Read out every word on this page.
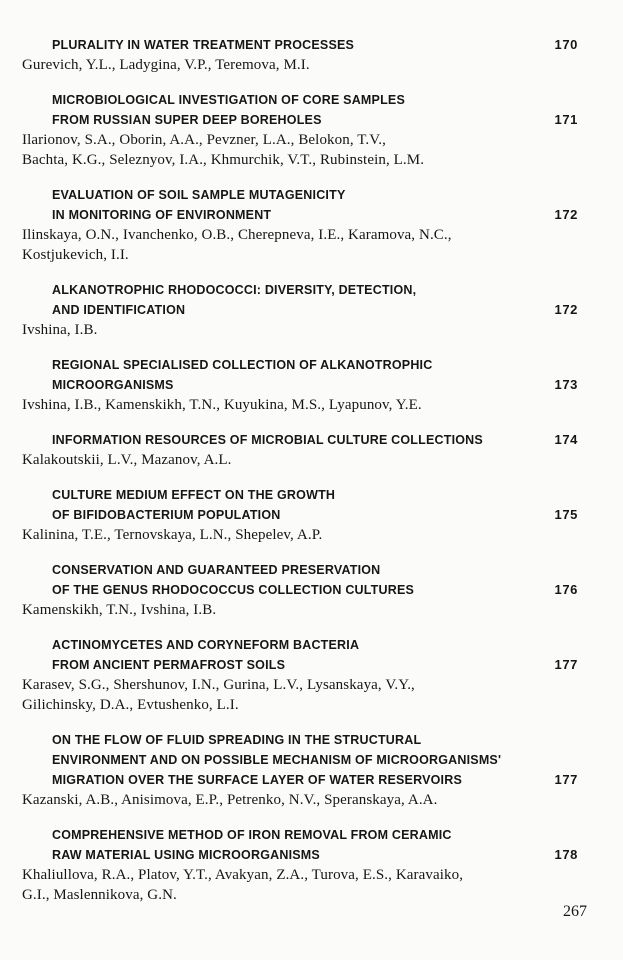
PLURALITY IN WATER TREATMENT PROCESSES	170
Gurevich, Y.L., Ladygina, V.P., Teremova, M.I.
MICROBIOLOGICAL INVESTIGATION OF CORE SAMPLES
FROM RUSSIAN SUPER DEEP BOREHOLES	171
Ilarionov, S.A., Oborin, A.A., Pevzner, L.A., Belokon, T.V.,
Bachta, K.G., Seleznyov, I.A., Khmurchik, V.T., Rubinstein, L.M.
EVALUATION OF SOIL SAMPLE MUTAGENICITY
IN MONITORING OF ENVIRONMENT	172
Ilinskaya, O.N., Ivanchenko, O.B., Cherepneva, I.E., Karamova, N.C.,
Kostjukevich, I.I.
ALKANOTROPHIC RHODOCOCCI: DIVERSITY, DETECTION,
AND IDENTIFICATION	172
Ivshina, I.B.
REGIONAL SPECIALISED COLLECTION OF ALKANOTROPHIC
MICROORGANISMS	173
Ivshina, I.B., Kamenskikh, T.N., Kuyukina, M.S., Lyapunov, Y.E.
INFORMATION RESOURCES OF MICROBIAL CULTURE COLLECTIONS	174
Kalakoutskii, L.V., Mazanov, A.L.
CULTURE MEDIUM EFFECT ON THE GROWTH
OF BIFIDOBACTERIUM POPULATION	175
Kalinina, T.E., Ternovskaya, L.N., Shepelev, A.P.
CONSERVATION AND GUARANTEED PRESERVATION
OF THE GENUS RHODOCOCCUS COLLECTION CULTURES	176
Kamenskikh, T.N., Ivshina, I.B.
ACTINOMYCETES AND CORYNEFORM BACTERIA
FROM ANCIENT PERMAFROST SOILS	177
Karasev, S.G., Shershunov, I.N., Gurina, L.V., Lysanskaya, V.Y.,
Gilichinsky, D.A., Evtushenko, L.I.
ON THE FLOW OF FLUID SPREADING IN THE STRUCTURAL
ENVIRONMENT AND ON POSSIBLE MECHANISM OF MICROORGANISMS'
MIGRATION OVER THE SURFACE LAYER OF WATER RESERVOIRS	177
Kazanski, A.B., Anisimova, E.P., Petrenko, N.V., Speranskaya, A.A.
COMPREHENSIVE METHOD OF IRON REMOVAL FROM CERAMIC
RAW MATERIAL USING MICROORGANISMS	178
Khaliullova, R.A., Platov, Y.T., Avakyan, Z.A., Turova, E.S., Karavaiko,
G.I., Maslennikova, G.N.
267
